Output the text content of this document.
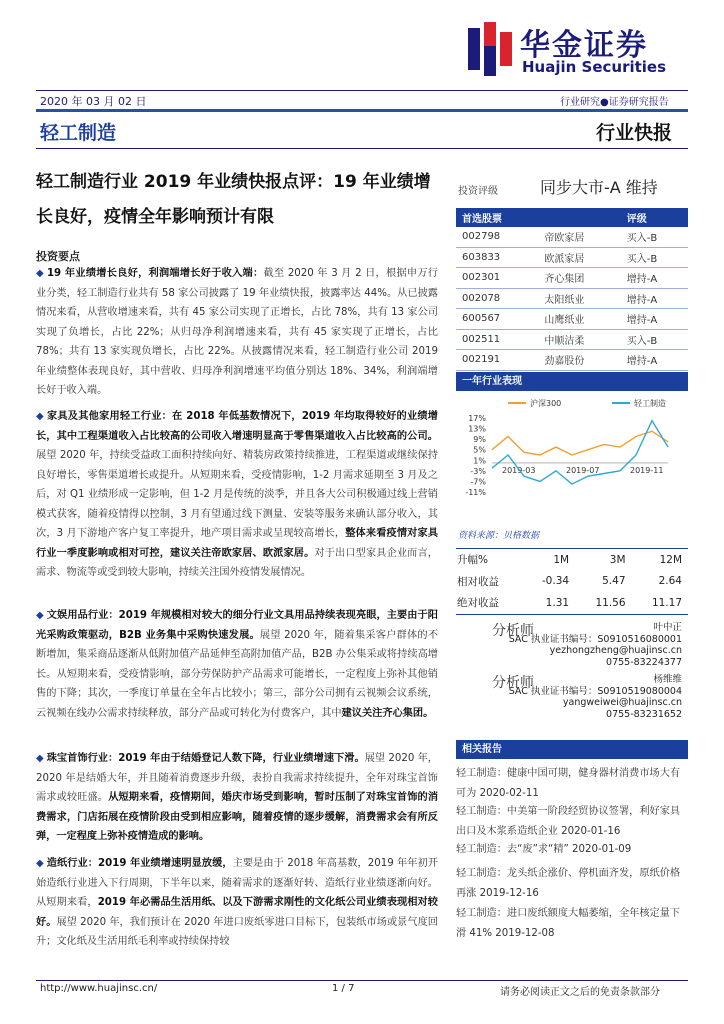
华金证券
Huajin Securities
2020 年 03 月 02 日	行业研究●证券研究报告
轻工制造	行业快报
轻工制造行业 2019 年业绩快报点评：19 年业绩增长良好，疫情全年影响预计有限
投资要点
◆ 19 年业绩增长良好，利润端增长好于收入端：截至 2020 年 3 月 2 日，根据申万行业分类，轻工制造行业共有 58 家公司披露了 19 年业绩快报，披露率达 44%。从已披露情况来看，从营收增速来看，共有 45 家公司实现了正增长，占比 78%，共有 13 家公司实现了负增长，占比 22%；从归母净利润增速来看，共有 45 家实现了正增长，占比 78%；共有 13 家实现负增长，占比 22%。从披露情况来看，轻工制造行业公司 2019 年业绩整体表现良好，其中营收、归母净利润增速平均值分别达 18%、34%，利润端增长好于收入端。
◆ 家具及其他家用轻工行业：在 2018 年低基数情况下，2019 年均取得较好的业绩增长，其中工程渠道收入占比较高的公司收入增速明显高于零售渠道收入占比较高的公司。展望 2020 年，持续受益政工面积持续向好、精装房政策持续推进，工程渠道或继续保持良好增长，零售渠道增长或提升。从短期来看，受疫情影响，1-2 月需求延期至 3 月及之后，对 Q1 业绩形成一定影响，但 1-2 月是传统的淡季，并且各大公司积极通过线上营销模式获客，随着疫情得以控制，3 月有望通过线下测量、安装等服务来确认部分收入，其次，3 月下游地产客户复工率提升，地产项目需求或呈现较高增长，整体来看疫情对家具行业一季度影响或相对可控，建议关注帝欧家居、欧派家居。对于出口型家具企业而言，需求、物流等或受到较大影响，持续关注国外疫情发展情况。
◆ 文娱用品行业：2019 年规模相对较大的细分行业文具用品持续表现亮眼，主要由于阳光采购政策驱动，B2B 业务集中采购快速发展。展望 2020 年，随着集采客户群体的不断增加，集采商品逐渐从低附加值产品延伸至高附加值产品，B2B 办公集采或将持续高增长。从短期来看，受疫情影响，部分劳保防护产品需求可能增长，一定程度上弥补其他销售的下降；其次，一季度订单量在全年占比较小；第三，部分公司拥有云视频会议系统，云视频在线办公需求持续释放，部分产品或可转化为付费客户，其中建议关注齐心集团。
◆ 珠宝首饰行业：2019 年由于结婚登记人数下降，行业业绩增速下滑。展望 2020 年，2020 年是结婚大年，并且随着消费逐步升级，表扮自我需求持续提升，全年对珠宝首饰需求或较旺盛。从短期来看，疫情期间，婚庆市场受到影响，暂时压制了对珠宝首饰的消费需求，门店拓展在疫情阶段由受到相应影响，随着疫情的逐步缓解，消费需求会有所反弹，一定程度上弥补疫情造成的影响。
◆ 造纸行业：2019 年业绩增速明显放缓，主要是由于 2018 年高基数，2019 年年初开始造纸行业进入下行周期，下半年以来，随着需求的逐渐好转、造纸行业业绩逐渐向好。从短期来看，2019 年必需品生活用纸、以及下游需求刚性的文化纸公司业绩表现相对较好。展望 2020 年，我们预计在 2020 年进口废纸零进口目标下，包装纸市场或景气度回升；文化纸及生活用纸毛利率或持续保持较
投资评级	同步大市-A 维持
首选股票		评级
002798	帝欧家居	买入-B
603833	欧派家居	买入-B
002301	齐心集团	增持-A
002078	太阳纸业	增持-A
600567	山鹰纸业	增持-A
002511	中顺洁柔	买入-B
002191	劲嘉股份	增持-A
一年行业表现
沪深300	轻工制造
17%
13%
9%
5%
1%
-3%
-7%
-11%
2019-03	2019-07	2019-11
资料来源：贝格数据
升幅%	1M	3M	12M
相对收益	-0.34	5.47	2.64
绝对收益	1.31	11.56	11.17
分析师	叶中正
SAC 执业证书编号：S0910516080001
yezhongzheng@huajinsc.cn
0755-83224377
分析师	杨维维
SAC 执业证书编号：S0910519080004
yangweiwei@huajinsc.cn
0755-83231652
相关报告
轻工制造：健康中国可期，健身器材消费市场大有可为 2020-02-11
轻工制造：中美第一阶段经贸协议签署，利好家具出口及木浆系造纸企业 2020-01-16
轻工制造：去“废”求“精” 2020-01-09
轻工制造：龙头纸企涨价、停机面齐发，原纸价格再涨 2019-12-16
轻工制造：进口废纸额度大幅萎缩，全年核定量下滑 41% 2019-12-08
http://www.huajinsc.cn/	1 / 7	请务必阅读正文之后的免责条款部分
